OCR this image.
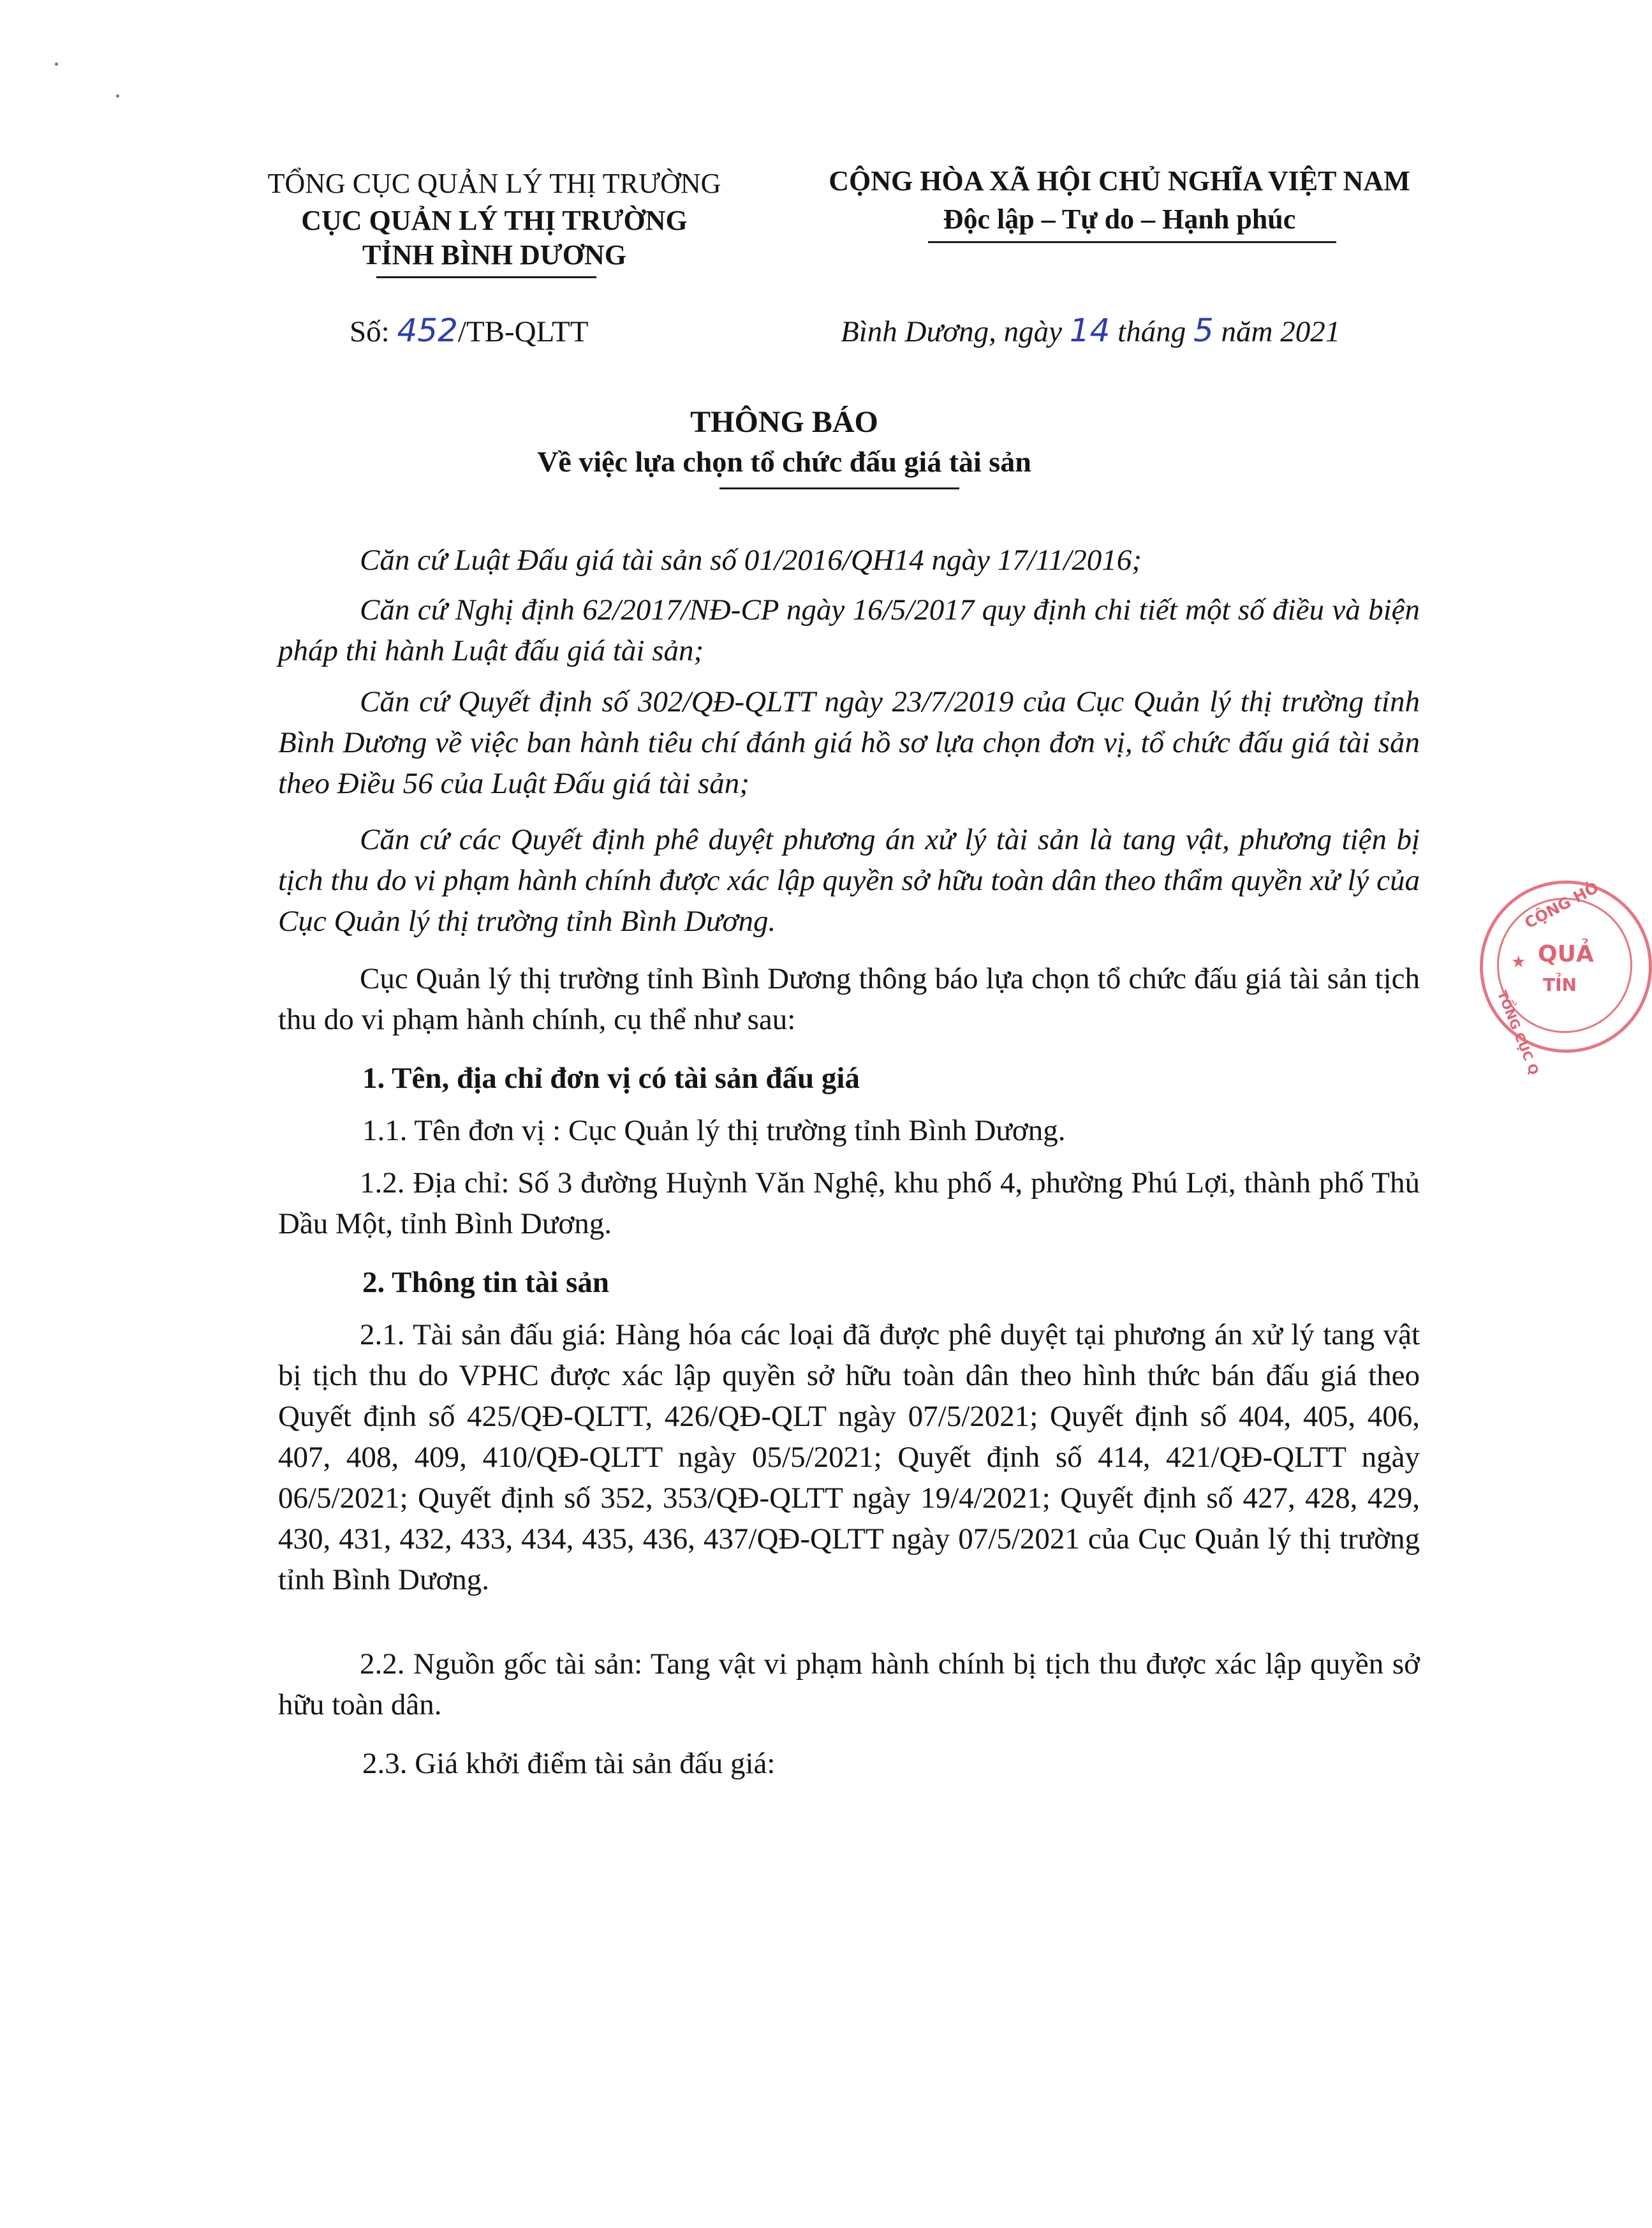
TỔNG CỤC QUẢN LÝ THỊ TRƯỜNG
CỤC QUẢN LÝ THỊ TRƯỜNG
TỈNH BÌNH DƯƠNG
CỘNG HÒA XÃ HỘI CHỦ NGHĨA VIỆT NAM
Độc lập – Tự do – Hạnh phúc
Số: 452/TB-QLTT	Bình Dương, ngày 14 tháng 5 năm 2021
THÔNG BÁO
Về việc lựa chọn tổ chức đấu giá tài sản
Căn cứ Luật Đấu giá tài sản số 01/2016/QH14 ngày 17/11/2016;
Căn cứ Nghị định 62/2017/NĐ-CP ngày 16/5/2017 quy định chi tiết một số điều và biện pháp thi hành Luật đấu giá tài sản;
Căn cứ Quyết định số 302/QĐ-QLTT ngày 23/7/2019 của Cục Quản lý thị trường tỉnh Bình Dương về việc ban hành tiêu chí đánh giá hồ sơ lựa chọn đơn vị, tổ chức đấu giá tài sản theo Điều 56 của Luật Đấu giá tài sản;
Căn cứ các Quyết định phê duyệt phương án xử lý tài sản là tang vật, phương tiện bị tịch thu do vi phạm hành chính được xác lập quyền sở hữu toàn dân theo thẩm quyền xử lý của Cục Quản lý thị trường tỉnh Bình Dương.
Cục Quản lý thị trường tỉnh Bình Dương thông báo lựa chọn tổ chức đấu giá tài sản tịch thu do vi phạm hành chính, cụ thể như sau:
1. Tên, địa chỉ đơn vị có tài sản đấu giá
1.1. Tên đơn vị : Cục Quản lý thị trường tỉnh Bình Dương.
1.2. Địa chỉ: Số 3 đường Huỳnh Văn Nghệ, khu phố 4, phường Phú Lợi, thành phố Thủ Dầu Một, tỉnh Bình Dương.
2. Thông tin tài sản
2.1. Tài sản đấu giá: Hàng hóa các loại đã được phê duyệt tại phương án xử lý tang vật bị tịch thu do VPHC được xác lập quyền sở hữu toàn dân theo hình thức bán đấu giá theo Quyết định số 425/QĐ-QLTT, 426/QĐ-QLT ngày 07/5/2021; Quyết định số 404, 405, 406, 407, 408, 409, 410/QĐ-QLTT ngày 05/5/2021; Quyết định số 414, 421/QĐ-QLTT ngày 06/5/2021; Quyết định số 352, 353/QĐ-QLTT ngày 19/4/2021; Quyết định số 427, 428, 429, 430, 431, 432, 433, 434, 435, 436, 437/QĐ-QLTT ngày 07/5/2021 của Cục Quản lý thị trường tỉnh Bình Dương.
2.2. Nguồn gốc tài sản: Tang vật vi phạm hành chính bị tịch thu được xác lập quyền sở hữu toàn dân.
2.3. Giá khởi điểm tài sản đấu giá:
CỘNG HÒ
★ QUẢ
TỈN
TỔNG CỤC Q
